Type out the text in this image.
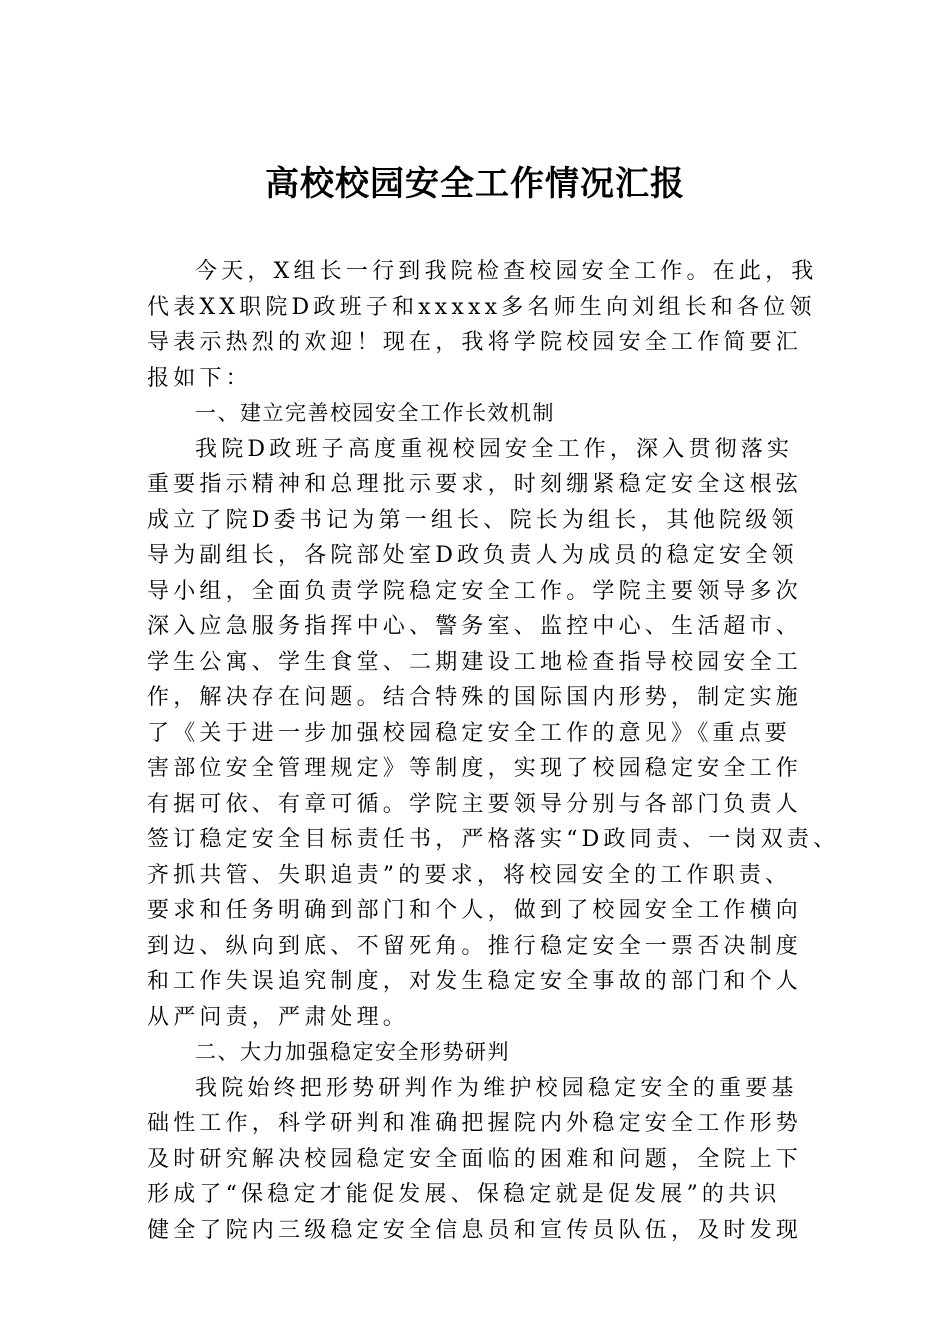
高校校园安全工作情况汇报
今天，X组长一行到我院检查校园安全工作。在此，我
代表XX职院D政班子和xxxxx多名师生向刘组长和各位领
导表示热烈的欢迎！现在，我将学院校园安全工作简要汇
报如下：
一、建立完善校园安全工作长效机制
我院D政班子高度重视校园安全工作，深入贯彻落实
重要指示精神和总理批示要求，时刻绷紧稳定安全这根弦
成立了院D委书记为第一组长、院长为组长，其他院级领
导为副组长，各院部处室D政负责人为成员的稳定安全领
导小组，全面负责学院稳定安全工作。学院主要领导多次
深入应急服务指挥中心、警务室、监控中心、生活超市、
学生公寓、学生食堂、二期建设工地检查指导校园安全工
作，解决存在问题。结合特殊的国际国内形势，制定实施
了《关于进一步加强校园稳定安全工作的意见》《重点要
害部位安全管理规定》等制度，实现了校园稳定安全工作
有据可依、有章可循。学院主要领导分别与各部门负责人
签订稳定安全目标责任书，严格落实“D政同责、一岗双责、
齐抓共管、失职追责”的要求，将校园安全的工作职责、
要求和任务明确到部门和个人，做到了校园安全工作横向
到边、纵向到底、不留死角。推行稳定安全一票否决制度
和工作失误追究制度，对发生稳定安全事故的部门和个人
从严问责，严肃处理。
二、大力加强稳定安全形势研判
我院始终把形势研判作为维护校园稳定安全的重要基
础性工作，科学研判和准确把握院内外稳定安全工作形势
及时研究解决校园稳定安全面临的困难和问题，全院上下
形成了“保稳定才能促发展、保稳定就是促发展”的共识
健全了院内三级稳定安全信息员和宣传员队伍，及时发现
